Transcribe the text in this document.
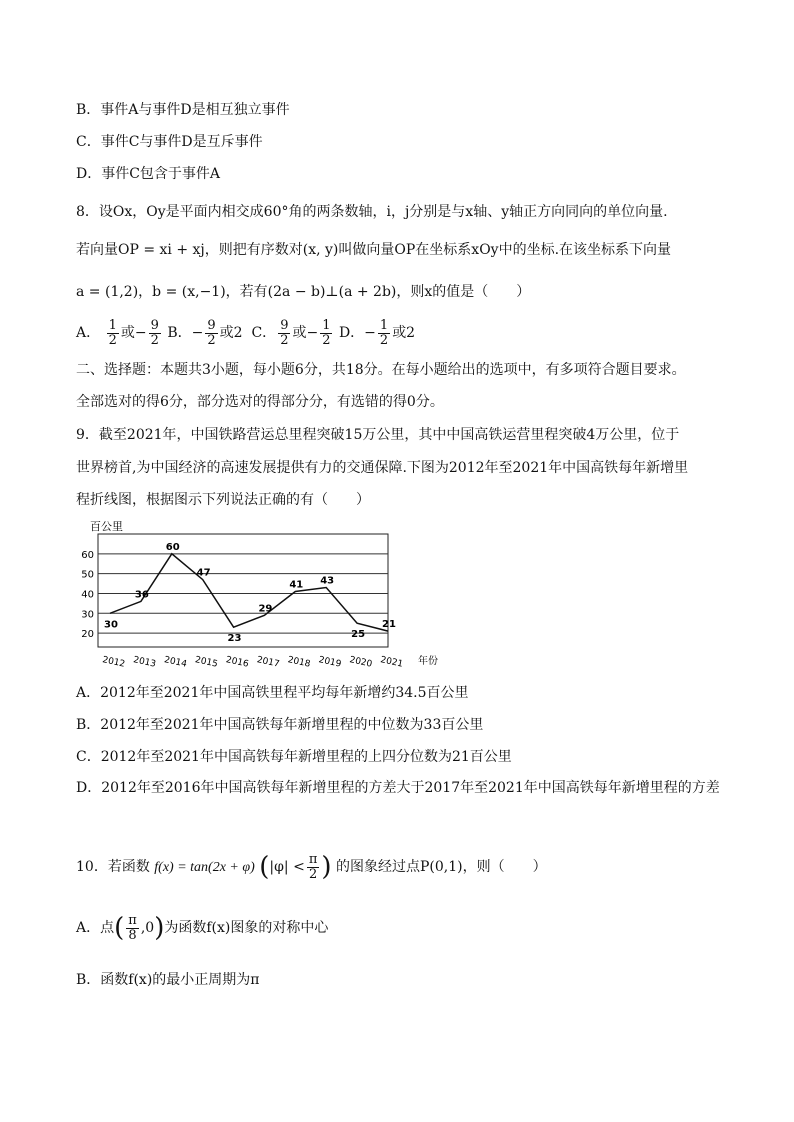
B．事件A与事件D是相互独立事件
C．事件C与事件D是互斥事件
D．事件C包含于事件A
8．设Ox，Oy是平面内相交成60°角的两条数轴，i，j分别是与x轴、y轴正方向同向的单位向量.
若向量OP = xi + xj，则把有序数对(x, y)叫做向量OP在坐标系xOy中的坐标.在该坐标系下向量
a = (1,2)，b = (x,−1)，若有(2a − b)⊥(a + 2b)，则x的值是（　　）
A． $\frac{1}{2}$ 或− $\frac{9}{2}$ B．− $\frac{9}{2}$ 或2 C． $\frac{9}{2}$ 或− $\frac{1}{2}$ D．− $\frac{1}{2}$ 或2
二、选择题：本题共3小题，每小题6分，共18分。在每小题给出的选项中，有多项符合题目要求。
全部选对的得6分，部分选对的得部分分，有选错的得0分。
9．截至2021年，中国铁路营运总里程突破15万公里，其中中国高铁运营里程突破4万公里，位于
世界榜首,为中国经济的高速发展提供有力的交通保障.下图为2012年至2021年中国高铁每年新增里
程折线图，根据图示下列说法正确的有（　　）
20
30
40
50
60
2012 2013 2014 2015 2016 2017 2018 2019 2020 2021
30
36
60
47
23
29
41 43
25
21
百公里
年份
A．2012年至2021年中国高铁里程平均每年新增约34.5百公里
B．2012年至2021年中国高铁每年新增里程的中位数为33百公里
C．2012年至2021年中国高铁每年新增里程的上四分位数为21百公里
D．2012年至2016年中国高铁每年新增里程的方差大于2017年至2021年中国高铁每年新增里程的方差
10．若函数 f(x) = tan(2x + φ) ($|\varphi| < \frac{\pi}{2}$ ) 的图象经过点P(0,1)，则（　　）
A．点( $\frac{\pi}{8} ,0$)为函数f(x)图象的对称中心
B．函数f(x)的最小正周期为π
